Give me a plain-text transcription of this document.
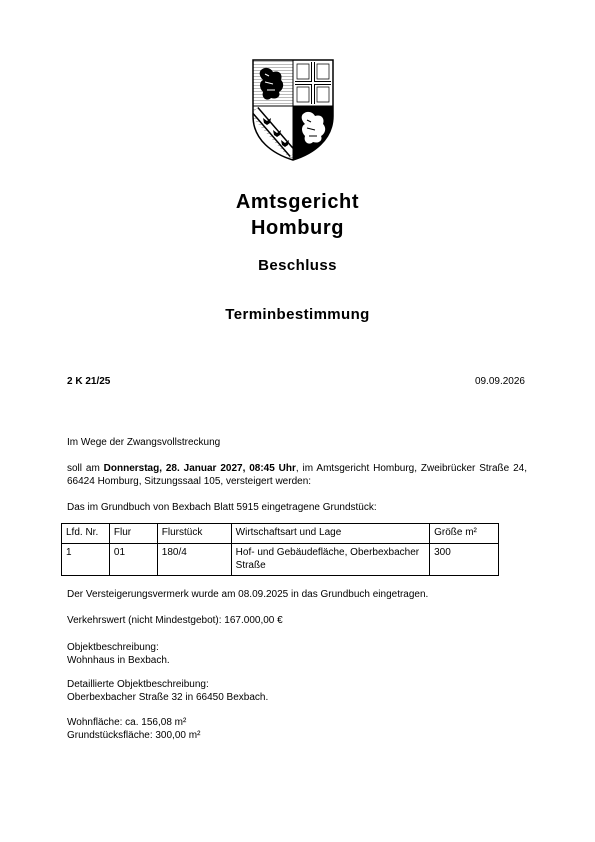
Amtsgericht
Homburg
Beschluss
Terminbestimmung
2 K 21/25	09.09.2026
Im Wege der Zwangsvollstreckung
soll am Donnerstag, 28. Januar 2027, 08:45 Uhr, im Amtsgericht Homburg, Zweibrücker Straße 24, 66424 Homburg, Sitzungssaal 105, versteigert werden:
Das im Grundbuch von Bexbach Blatt 5915 eingetragene Grundstück:
Lfd. Nr.	Flur	Flurstück	Wirtschaftsart und Lage	Größe m²
1	01	180/4	Hof- und Gebäudefläche, Oberbexbacher Straße	300
Der Versteigerungsvermerk wurde am 08.09.2025 in das Grundbuch eingetragen.
Verkehrswert (nicht Mindestgebot): 167.000,00 €
Objektbeschreibung:
Wohnhaus in Bexbach.
Detaillierte Objektbeschreibung:
Oberbexbacher Straße 32 in 66450 Bexbach.
Wohnfläche: ca. 156,08 m²
Grundstücksfläche: 300,00 m²
